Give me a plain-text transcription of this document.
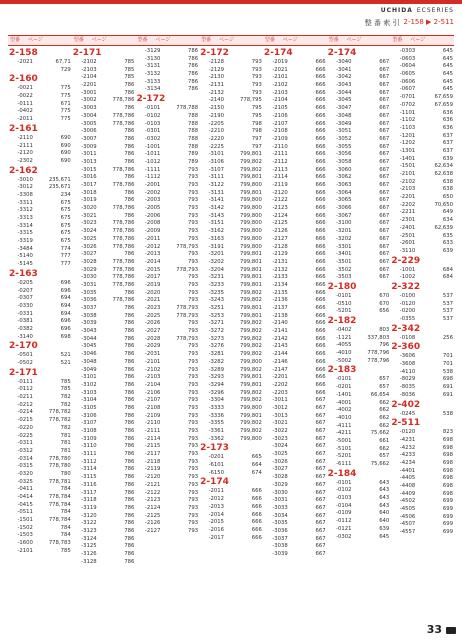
UCHIDA ECSERIES
整 番 索 引 2-158 ▶ 2-511
型番	ページ
2-158
-2021	67,71
729
2-160
-0021	775
-0022	775
-0111	671
-0402	775
-2011	775
2-161
-2110	690
-2111	690
-2120	690
-2302	690
2-162
-3010	235,671
-3012	235,671
-3308	234
-3311	675
-3312	675
-3313	675
-3314	675
-3315	675
-3319	675
-3484	774
-5140	777
-5145	777
2-163
-0205	696
-0207	696
-0307	694
-0330	694
-0331	694
-0381	696
-0382	696
-3140	698
2-170
-0501	521
-0502	521
2-171
-0111	785
-0112	785
-0211	782
-0212	782
-0214	778,782
-0215	778,782
-0220	782
-0225	781
-0311	781
-0312	781
-0314	778,780
-0315	778,780
-0320	780
-0325	778,781
-0411	784
-0414	778,784
-0415	778,784
-0511	784
-1501	778,784
-1502	784
-1503	784
-1600	778,783
-2101	785
型番	ページ
2-171
-2102	785
-2103	785
-2104	785
-2201	786
-3001	786
-3002	778,786
-3003	786
-3004	778,786
-3005	778,786
-3006	786
-3007	786
-3009	786
-3011	786
-3013	786
-3015	778,786
-3016	786
-3017	778,786
-3018	786
-3019	786
-3020	778,786
-3021	786
-3023	778,786
-3024	778,786
-3025	778,786
-3026	778,786
-3027	786
-3028	778,786
-3029	778,786
-3030	778,786
-3031	778,786
-3035	786
-3036	778,786
-3037	786
-3038	786
-3039	786
-3043	786
-3044	786
-3045	786
-3046	786
-3048	786
-3049	786
-3101	786
-3102	786
-3103	786
-3104	786
-3105	786
-3106	786
-3107	786
-3108	786
-3109	786
-3110	786
-3111	786
-3112	786
-3114	786
-3115	786
-3116	786
-3117	786
-3118	786
-3119	786
-3120	786
-3122	786
-3123	786
-3124	786
-3125	786
-3126	786
-3128	786
型番	ページ
-3129	786
-3130	786
-3131	786
-3132	786
-3133	786
-3134	786
2-172
-0101	778,788
-0102	788
-0103	788
-0301	788
-0302	788
-1001	788
-1011	789
-1012	789
-1111	793
-1112	793
-2001	793
-2002	793
-2003	793
-2005	793
-2006	793
-2008	793
-2009	793
-2011	793
-2012	778,793
-2013	793
-2014	793
-2015	778,793
-2017	793
-2019	793
-2020	793
-2021	793
-2023	778,793
-2025	778,793
-2026	793
-2027	793
-2028	778,793
-2029	793
-2031	793
-2101	793
-2102	793
-2103	793
-2104	793
-2106	793
-2107	793
-2108	793
-2109	793
-2110	793
-2111	793
-2114	793
-2115	793
-2117	793
-2118	793
-2119	793
-2120	793
-2121	793
-2122	793
-2123	793
-2124	793
-2125	793
-2126	793
-2127	793
型番	ページ
2-172
-2128	793
-2129	793
-2130	793
-2131	793
-2132	793
-2140	778,795
-2150	795
-2190	795
-2205	798
-2210	798
-2220	797
-2225	797
-3101	799,801
-3106	799,802
-3107	799,802
-3111	799,801
-3122	799,800
-3131	799,801
-3141	799,800
-3142	799,800
-3143	799,800
-3151	799,800
-3162	799,800
-3163	799,800
-3191	799,800
-3201	799,801
-3202	799,801
-3204	799,801
-3231	799,801
-3233	799,801
-3235	799,802
-3243	799,802
-3251	799,801
-3253	799,801
-3271	799,802
-3272	799,802
-3273	799,802
-3276	799,802
-3281	799,802
-3282	799,800
-3289	799,802
-3293	799,801
-3294	799,801
-3296	799,802
-3304	799,802
-3333	799,800
-3336	799,801
-3355	799,802
-3361	799,802
-3362	799,800
2-173
-0201	665
-6101	664
-6150	674
2-174
-2011	666
-2012	666
-2013	666
-2014	666
-2015	666
-2016	666
-2017	666
型番	ページ
2-174
-2019	666
-2021	666
-2101	666
-2102	666
-2103	666
-2104	666
-2105	666
-2106	666
-2107	666
-2108	666
-2109	666
-2110	666
-2111	666
-2112	666
-2113	666
-2114	666
-2119	666
-2120	666
-2122	666
-2123	666
-2124	666
-2125	666
-2126	666
-2127	666
-2128	666
-2129	666
-2131	666
-2132	666
-2133	666
-2134	666
-2135	666
-2136	666
-2137	666
-2138	666
-2140	666
-2141	666
-2142	666
-2143	666
-2144	666
-2146	666
-2147	666
-2201	666
-2202	666
-2203	666
-3011	667
-3012	667
-3013	667
-3021	667
-3022	667
-3023	667
-3024	667
-3025	667
-3026	667
-3027	667
-3028	667
-3029	667
-3030	667
-3031	667
-3033	667
-3034	667
-3035	667
-3036	667
-3037	667
-3038	667
-3039	667
型番	ページ
2-174
-3040	667
-3041	667
-3042	667
-3043	667
-3044	667
-3045	667
-3047	667
-3048	667
-3049	667
-3051	667
-3052	667
-3055	667
-3056	667
-3058	667
-3060	667
-3062	667
-3063	667
-3064	667
-3065	667
-3066	667
-3067	667
-3100	667
-3201	667
-3202	667
-3301	667
-3401	667
-3501	667
-3502	667
-3503	667
2-180
-0101	670
-0510	670
-5201	656
2-182
-0402	803
-1121	337,803
-4055	796
-4010	778,796
-5002	778,796
2-183
-0101	657
-0201	657
-1401	66,654
-4001	662
-4002	662
-4010	662
-4111	662
-4211	75,662
-5001	661
-5101	662
-5201	657
-6111	75,662
2-184
-0101	643
-0102	643
-0103	643
-0104	643
-0109	640
-0112	640
-0121	639
-0302	645
型番	ページ
-0303	645
-0603	645
-0604	645
-0605	645
-0606	645
-0607	645
-0701	67,659
-0702	67,659
-1101	636
-1102	636
-1103	636
-1201	637
-1202	637
-1301	637
-1401	639
-1501	62,634
-2101	62,638
-2102	638
-2103	638
-2201	650
-2202	70,650
-2211	649
-2301	634
-2401	62,639
-2501	635
-2601	633
-3110	639
2-229
-1001	684
-1002	684
2-322
-0100	537
-0120	537
-0200	537
-0355	537
2-342
-0108	256
2-360
-3606	701
-3608	701
-4110	538
-8029	698
-8035	691
-8036	691
2-402
-0245	538
2-511
-0120	823
-4231	698
-4232	698
-4233	698
-4234	698
-4401	698
-4405	698
-4408	698
-4409	698
-4502	699
-4505	699
-4506	699
-4507	699
-4557	699
33
